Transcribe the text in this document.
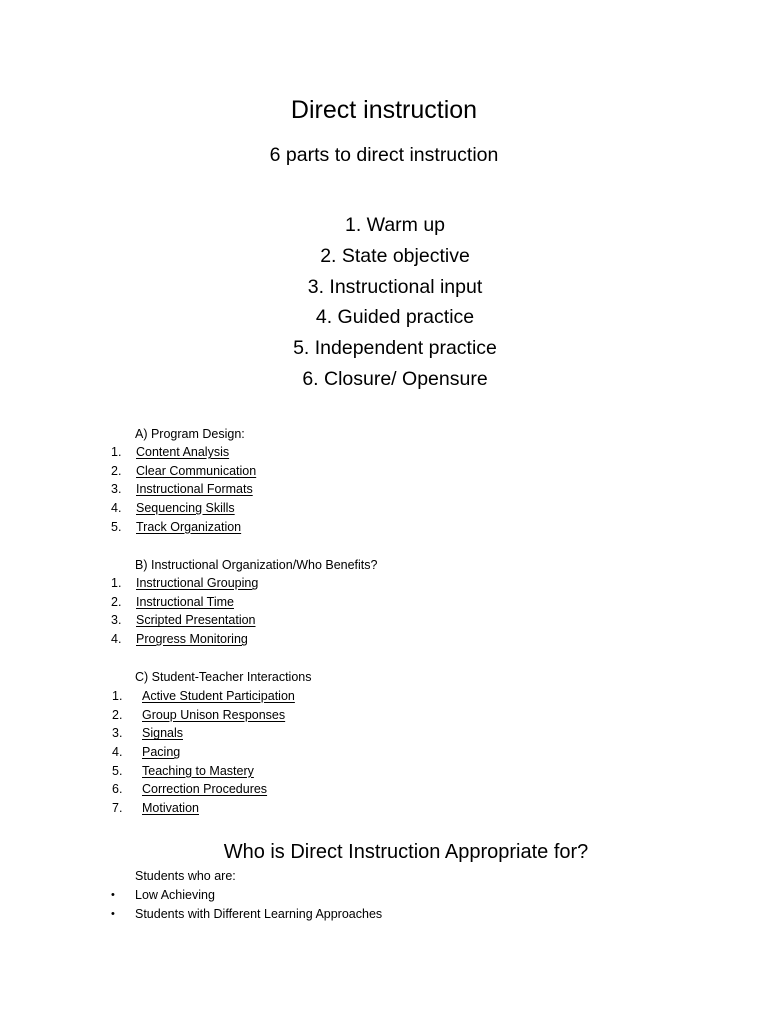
Direct instruction
6 parts to direct instruction
1. Warm up
2. State objective
3. Instructional input
4. Guided practice
5. Independent practice
6. Closure/ Opensure
A) Program Design:
1.	Content Analysis
2.	Clear Communication
3.	Instructional Formats
4.	Sequencing Skills
5.	Track Organization
B) Instructional Organization/Who Benefits?
1.	Instructional Grouping
2.	Instructional Time
3.	Scripted Presentation
4.	Progress Monitoring
C) Student-Teacher Interactions
1.	Active Student Participation
2.	Group Unison Responses
3.	Signals
4.	Pacing
5.	Teaching to Mastery
6.	Correction Procedures
7.	Motivation
Who is Direct Instruction Appropriate for?
Students who are:
• Low Achieving
• Students with Different Learning Approaches
